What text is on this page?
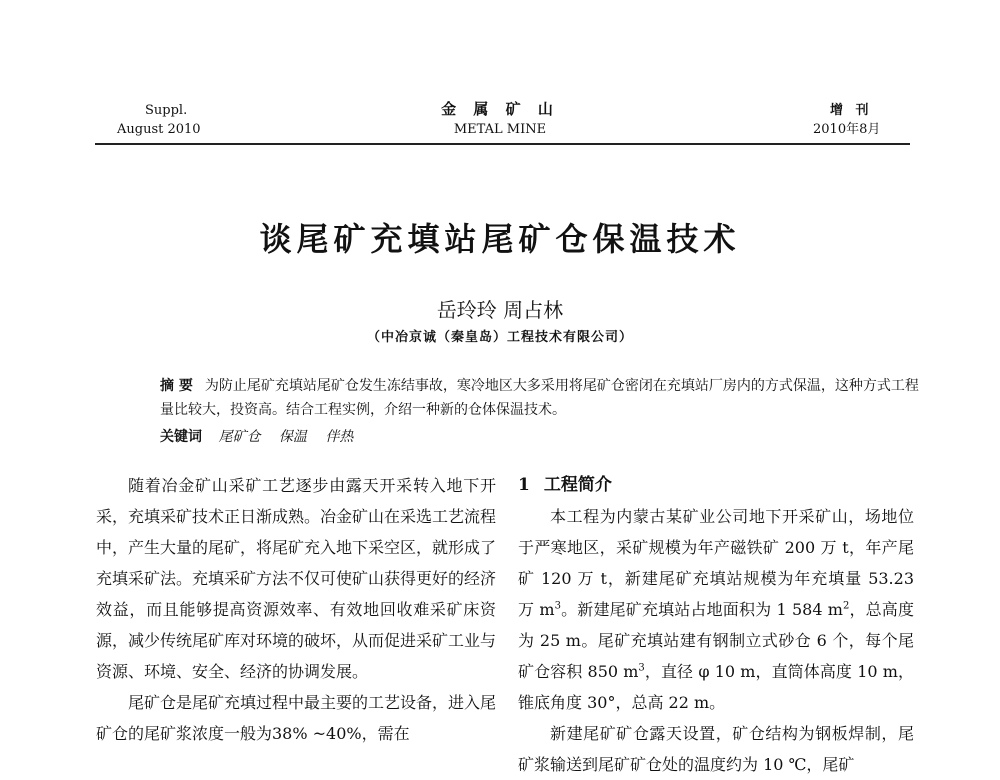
Suppl.
August 2010
金 属 矿 山
METAL MINE
增 刊
2010年8月
谈尾矿充填站尾矿仓保温技术
岳玲玲 周占林
（中冶京诚（秦皇岛）工程技术有限公司）
摘 要 为防止尾矿充填站尾矿仓发生冻结事故，寒冷地区大多采用将尾矿仓密闭在充填站厂房内的方式保温，这种方式工程量比较大，投资高。结合工程实例，介绍一种新的仓体保温技术。
关键词 尾矿仓 保温 伴热

随着冶金矿山采矿工艺逐步由露天开采转入地下开采，充填采矿技术正日渐成熟。冶金矿山在采选工艺流程中，产生大量的尾矿，将尾矿充入地下采空区，就形成了充填采矿法。充填采矿方法不仅可使矿山获得更好的经济效益，而且能够提高资源效率、有效地回收难采矿床资源，减少传统尾矿库对环境的破坏，从而促进采矿工业与资源、环境、安全、经济的协调发展。

尾矿仓是尾矿充填过程中最主要的工艺设备，进入尾矿仓的尾矿浆浓度一般为38% ~40%，需在

1 工程简介

本工程为内蒙古某矿业公司地下开采矿山，场地位于严寒地区，采矿规模为年产磁铁矿 200 万 t，年产尾矿 120 万 t，新建尾矿充填站规模为年充填量 53.23 万 $m^3$。新建尾矿充填站占地面积为 1 584 $m^2$，总高度为 25 m。尾矿充填站建有钢制立式砂仓 6 个，每个尾矿仓容积 850 $m^3$，直径 φ 10 m，直筒体高度 10 m，锥底角度 30°，总高 22 m。

新建尾矿矿仓露天设置，矿仓结构为钢板焊制，尾矿浆输送到尾矿矿仓处的温度约为 10 ℃，尾矿
